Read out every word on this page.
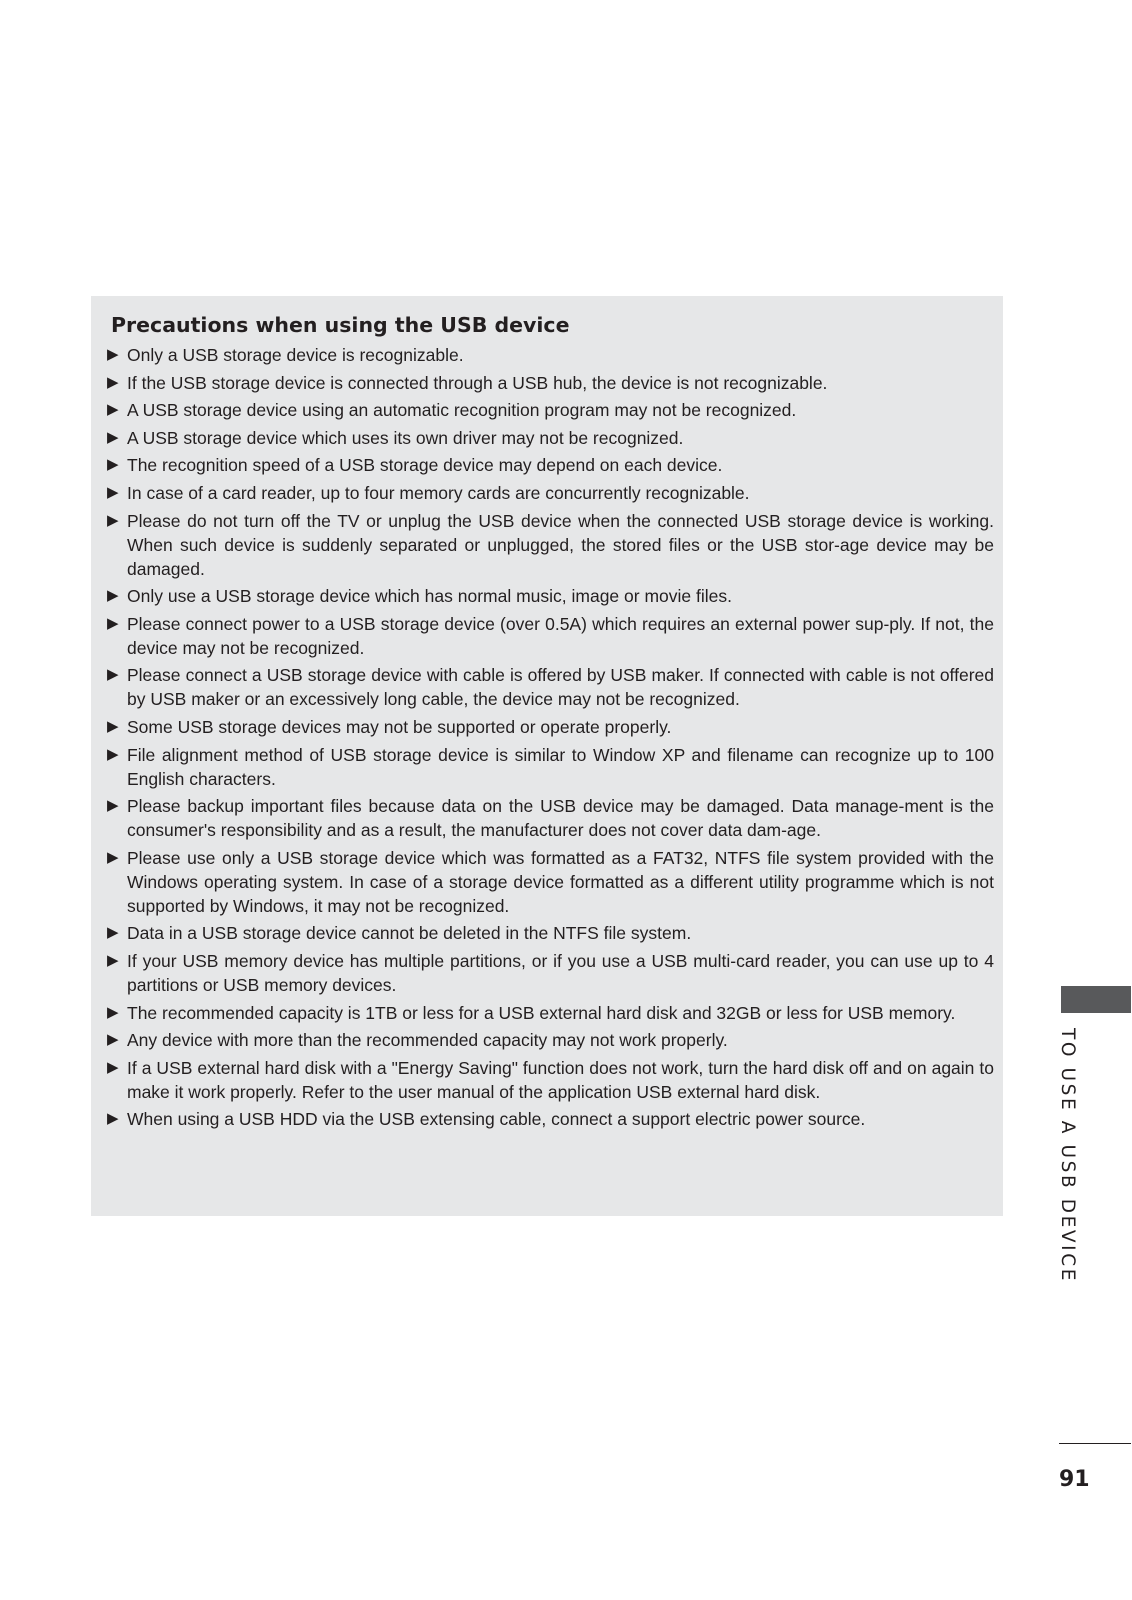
Precautions when using the USB device
▶ Only a USB storage device is recognizable.
▶ If the USB storage device is connected through a USB hub, the device is not recognizable.
▶ A USB storage device using an automatic recognition program may not be recognized.
▶ A USB storage device which uses its own driver may not be recognized.
▶ The recognition speed of a USB storage device may depend on each device.
▶ In case of a card reader, up to four memory cards are concurrently recognizable.
▶ Please do not turn off the TV or unplug the USB device when the connected USB storage device is working. When such device is suddenly separated or unplugged, the stored files or the USB stor-age device may be damaged.
▶ Only use a USB storage device which has normal music, image or movie files.
▶ Please connect power to a USB storage device (over 0.5A) which requires an external power sup-ply. If not, the device may not be recognized.
▶ Please connect a USB storage device with cable is offered by USB maker. If connected with cable is not offered by USB maker or an excessively long cable, the device may not be recognized.
▶ Some USB storage devices may not be supported or operate properly.
▶ File alignment method of USB storage device is similar to Window XP and filename can recognize up to 100 English characters.
▶ Please backup important files because data on the USB device may be damaged. Data manage-ment is the consumer's responsibility and as a result, the manufacturer does not cover data dam-age.
▶ Please use only a USB storage device which was formatted as a FAT32, NTFS file system provided with the Windows operating system. In case of a storage device formatted as a different utility programme which is not supported by Windows, it may not be recognized.
▶ Data in a USB storage device cannot be deleted in the NTFS file system.
▶ If your USB memory device has multiple partitions, or if you use a USB multi-card reader, you can use up to 4 partitions or USB memory devices.
▶ The recommended capacity is 1TB or less for a USB external hard disk and 32GB or less for USB memory.
▶ Any device with more than the recommended capacity may not work properly.
▶ If a USB external hard disk with a "Energy Saving" function does not work, turn the hard disk off and on again to make it work properly. Refer to the user manual of the application USB external hard disk.
▶ When using a USB HDD via the USB extensing cable, connect a support electric power source.	TO USE A USB DEVICE
91
